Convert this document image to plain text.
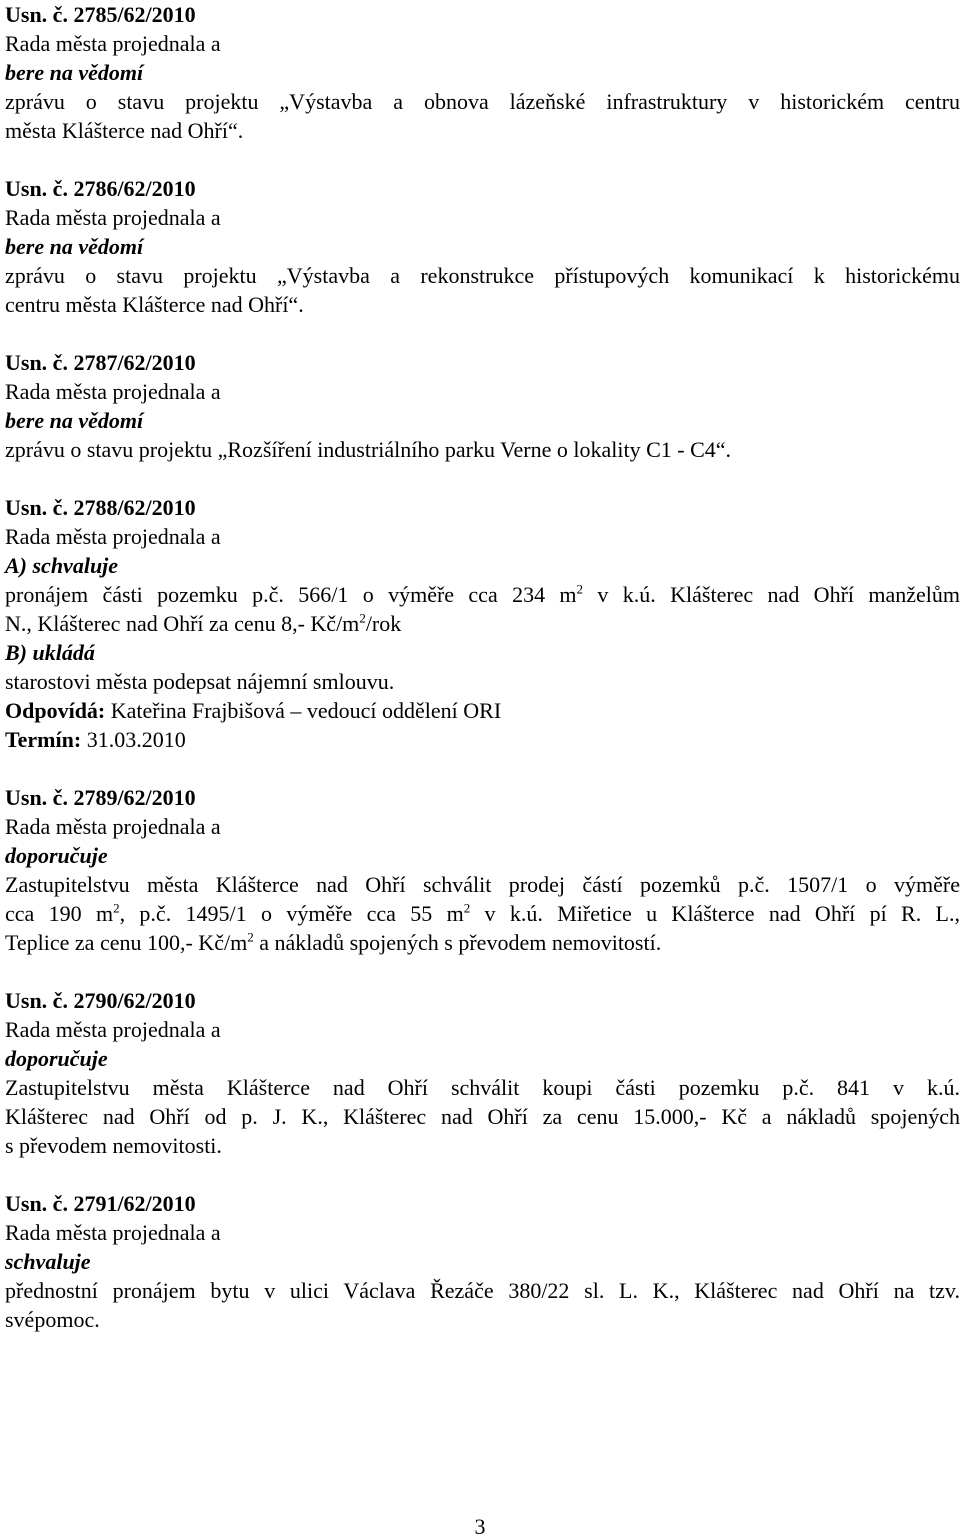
Usn. č. 2785/62/2010
Rada města projednala a
bere na vědomí
zprávu o stavu projektu „Výstavba a obnova lázeňské infrastruktury v historickém centru
města Klášterce nad Ohří“.
Usn. č. 2786/62/2010
Rada města projednala a
bere na vědomí
zprávu o stavu projektu „Výstavba a rekonstrukce přístupových komunikací k historickému
centru města Klášterce nad Ohří“.
Usn. č. 2787/62/2010
Rada města projednala a
bere na vědomí
zprávu o stavu projektu „Rozšíření industriálního parku Verne o lokality C1 - C4“.
Usn. č. 2788/62/2010
Rada města projednala a
A) schvaluje
pronájem části pozemku p.č. 566/1 o výměře cca 234 $m^2$ v k.ú. Klášterec nad Ohří manželům
N., Klášterec nad Ohří za cenu 8,- $Kč/m^2$/rok
B) ukládá
starostovi města podepsat nájemní smlouvu.
Odpovídá: Kateřina Frajbišová – vedoucí oddělení ORI
Termín: 31.03.2010
Usn. č. 2789/62/2010
Rada města projednala a
doporučuje
Zastupitelstvu města Klášterce nad Ohří schválit prodej částí pozemků p.č. 1507/1 o výměře
cca 190 $m^2$, p.č. 1495/1 o výměře cca 55 $m^2$ v k.ú. Miřetice u Klášterce nad Ohří pí R. L.,
Teplice za cenu 100,- $Kč/m^2$ a nákladů spojených s převodem nemovitostí.
Usn. č. 2790/62/2010
Rada města projednala a
doporučuje
Zastupitelstvu města Klášterce nad Ohří schválit koupi části pozemku p.č. 841 v k.ú.
Klášterec nad Ohří od p. J. K., Klášterec nad Ohří za cenu 15.000,- Kč a nákladů spojených
s převodem nemovitosti.
Usn. č. 2791/62/2010
Rada města projednala a
schvaluje
přednostní pronájem bytu v ulici Václava Řezáče 380/22 sl. L. K., Klášterec nad Ohří na tzv.
svépomoc.
3
